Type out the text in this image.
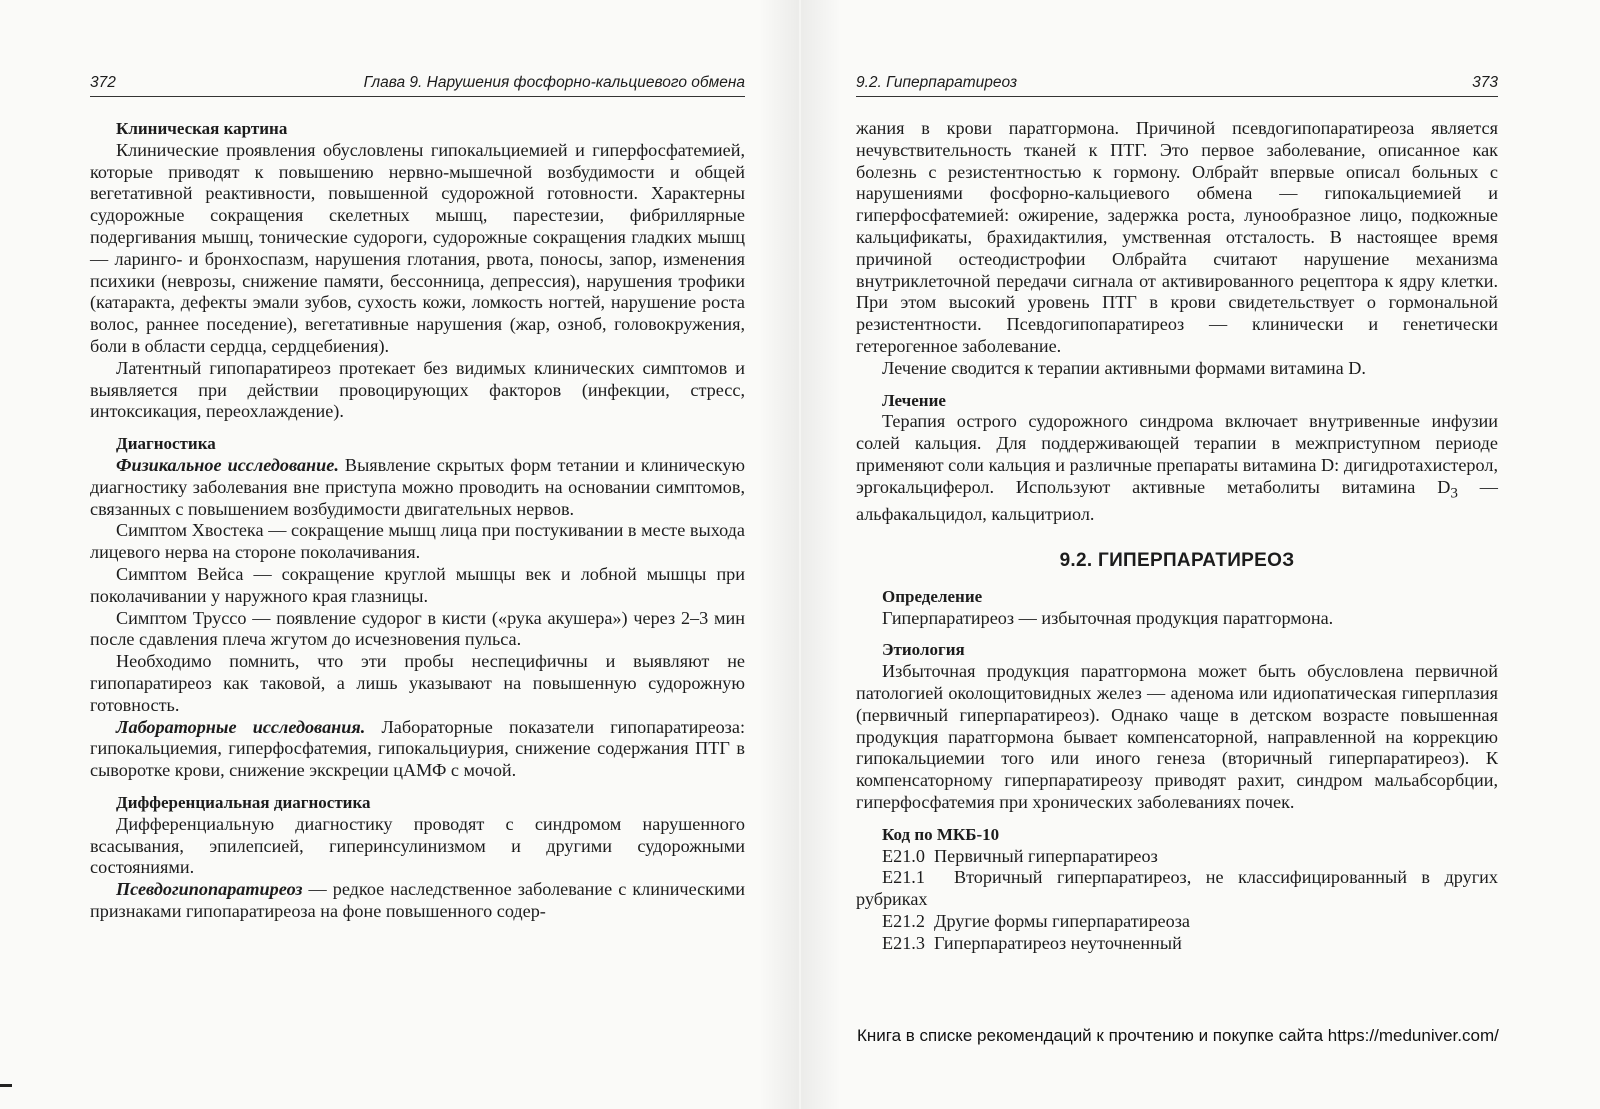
372	Глава 9. Нарушения фосфорно-кальциевого обмена
Клиническая картина

Клинические проявления обусловлены гипокальциемией и гиперфосфатемией, которые приводят к повышению нервно-мышечной возбудимости и общей вегетативной реактивности, повышенной судорожной готовности. Характерны судорожные сокращения скелетных мышц, парестезии, фибриллярные подергивания мышц, тонические судороги, судорожные сокращения гладких мышц — ларинго- и бронхоспазм, нарушения глотания, рвота, поносы, запор, изменения психики (неврозы, снижение памяти, бессонница, депрессия), нарушения трофики (катаракта, дефекты эмали зубов, сухость кожи, ломкость ногтей, нарушение роста волос, раннее поседение), вегетативные нарушения (жар, озноб, головокружения, боли в области сердца, сердцебиения).

Латентный гипопаратиреоз протекает без видимых клинических симптомов и выявляется при действии провоцирующих факторов (инфекции, стресс, интоксикация, переохлаждение).

Диагностика

Физикальное исследование. Выявление скрытых форм тетании и клиническую диагностику заболевания вне приступа можно проводить на основании симптомов, связанных с повышением возбудимости двигательных нервов.

Симптом Хвостека — сокращение мышц лица при постукивании в месте выхода лицевого нерва на стороне поколачивания.

Симптом Вейса — сокращение круглой мышцы век и лобной мышцы при поколачивании у наружного края глазницы.

Симптом Труссо — появление судорог в кисти («рука акушера») через 2–3 мин после сдавления плеча жгутом до исчезновения пульса.

Необходимо помнить, что эти пробы неспецифичны и выявляют не гипопаратиреоз как таковой, а лишь указывают на повышенную судорожную готовность.

Лабораторные исследования. Лабораторные показатели гипопаратиреоза: гипокальциемия, гиперфосфатемия, гипокальциурия, снижение содержания ПТГ в сыворотке крови, снижение экскреции цАМФ с мочой.

Дифференциальная диагностика

Дифференциальную диагностику проводят с синдромом нарушенного всасывания, эпилепсией, гиперинсулинизмом и другими судорожными состояниями.

Псевдогипопаратиреоз — редкое наследственное заболевание с клиническими признаками гипопаратиреоза на фоне повышенного содер-

9.2. Гиперпаратиреоз	373

жания в крови паратгормона. Причиной псевдогипопаратиреоза является нечувствительность тканей к ПТГ. Это первое заболевание, описанное как болезнь с резистентностью к гормону. Олбрайт впервые описал больных с нарушениями фосфорно-кальциевого обмена — гипокальциемией и гиперфосфатемией: ожирение, задержка роста, лунообразное лицо, подкожные кальцификаты, брахидактилия, умственная отсталость. В настоящее время причиной остеодистрофии Олбрайта считают нарушение механизма внутриклеточной передачи сигнала от активированного рецептора к ядру клетки. При этом высокий уровень ПТГ в крови свидетельствует о гормональной резистентности. Псевдогипопаратиреоз — клинически и генетически гетерогенное заболевание.

Лечение сводится к терапии активными формами витамина D.

Лечение

Терапия острого судорожного синдрома включает внутривенные инфузии солей кальция. Для поддерживающей терапии в межприступном периоде применяют соли кальция и различные препараты витамина D: дигидротахистерол, эргокальциферол. Используют активные метаболиты витамина $D_3$ — альфакальцидол, кальцитриол.

9.2. ГИПЕРПАРАТИРЕОЗ
Определение

Гиперпаратиреоз — избыточная продукция паратгормона.

Этиология

Избыточная продукция паратгормона может быть обусловлена первичной патологией околощитовидных желез — аденома или идиопатическая гиперплазия (первичный гиперпаратиреоз). Однако чаще в детском возрасте повышенная продукция паратгормона бывает компенсаторной, направленной на коррекцию гипокальциемии того или иного генеза (вторичный гиперпаратиреоз). К компенсаторному гиперпаратиреозу приводят рахит, синдром мальабсорбции, гиперфосфатемия при хронических заболеваниях почек.

Код по МКБ-10

E21.0 Первичный гиперпаратиреоз

E21.1 Вторичный гиперпаратиреоз, не классифицированный в других рубриках

E21.2 Другие формы гиперпаратиреоза

E21.3 Гиперпаратиреоз неуточненный

Книга в списке рекомендаций к прочтению и покупке сайта https://meduniver.com/
